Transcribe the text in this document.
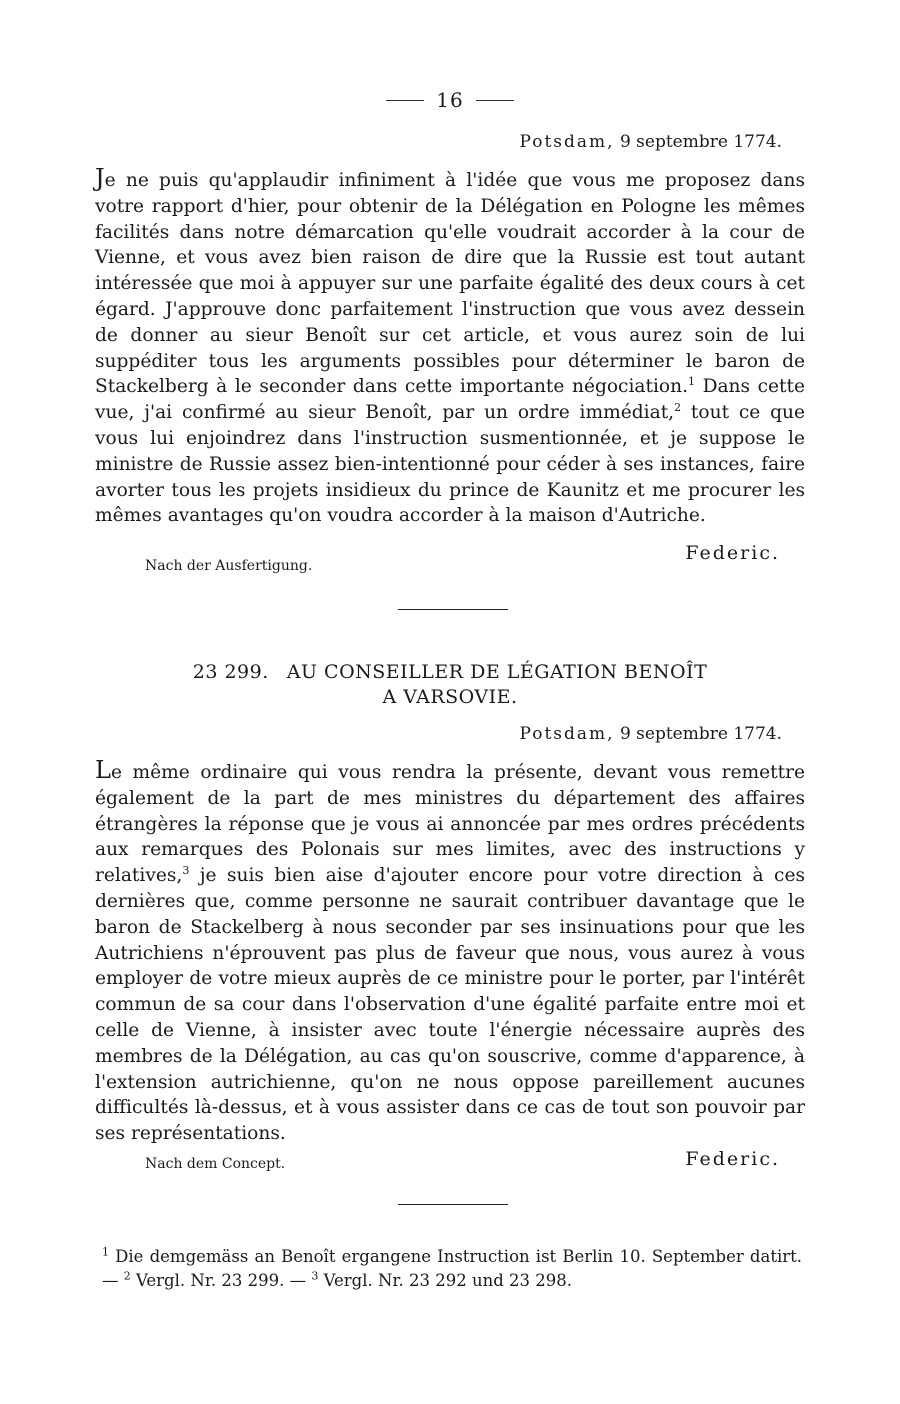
16
Potsdam, 9 septembre 1774.

Je ne puis qu'applaudir infiniment à l'idée que vous me proposez dans votre rapport d'hier, pour obtenir de la Délégation en Pologne les mêmes facilités dans notre démarcation qu'elle voudrait accorder à la cour de Vienne, et vous avez bien raison de dire que la Russie est tout autant intéressée que moi à appuyer sur une parfaite égalité des deux cours à cet égard. J'approuve donc parfaitement l'instruction que vous avez dessein de donner au sieur Benoît sur cet article, et vous aurez soin de lui suppéditer tous les arguments possibles pour déterminer le baron de Stackelberg à le seconder dans cette importante négociation.$^1$ Dans cette vue, j'ai confirmé au sieur Benoît, par un ordre immédiat,$^2$ tout ce que vous lui enjoindrez dans l'instruction susmentionnée, et je suppose le ministre de Russie assez bien-intentionné pour céder à ses instances, faire avorter tous les projets insidieux du prince de Kaunitz et me procurer les mêmes avantages qu'on voudra accorder à la maison d'Autriche.

Federic.
Nach der Ausfertigung.
23 299. AU CONSEILLER DE LÉGATION BENOÎT
A VARSOVIE.
Potsdam, 9 septembre 1774.

Le même ordinaire qui vous rendra la présente, devant vous remettre également de la part de mes ministres du département des affaires étrangères la réponse que je vous ai annoncée par mes ordres précédents aux remarques des Polonais sur mes limites, avec des instructions y relatives,$^3$ je suis bien aise d'ajouter encore pour votre direction à ces dernières que, comme personne ne saurait contribuer davantage que le baron de Stackelberg à nous seconder par ses insinuations pour que les Autrichiens n'éprouvent pas plus de faveur que nous, vous aurez à vous employer de votre mieux auprès de ce ministre pour le porter, par l'intérêt commun de sa cour dans l'observation d'une égalité parfaite entre moi et celle de Vienne, à insister avec toute l'énergie nécessaire auprès des membres de la Délégation, au cas qu'on souscrive, comme d'apparence, à l'extension autrichienne, qu'on ne nous oppose pareillement aucunes difficultés là-dessus, et à vous assister dans ce cas de tout son pouvoir par ses représentations.

Federic.
Nach dem Concept.
$^1$ Die demgemäss an Benoît ergangene Instruction ist Berlin 10. September datirt. — $^2$ Vergl. Nr. 23 299. — $^3$ Vergl. Nr. 23 292 und 23 298.
